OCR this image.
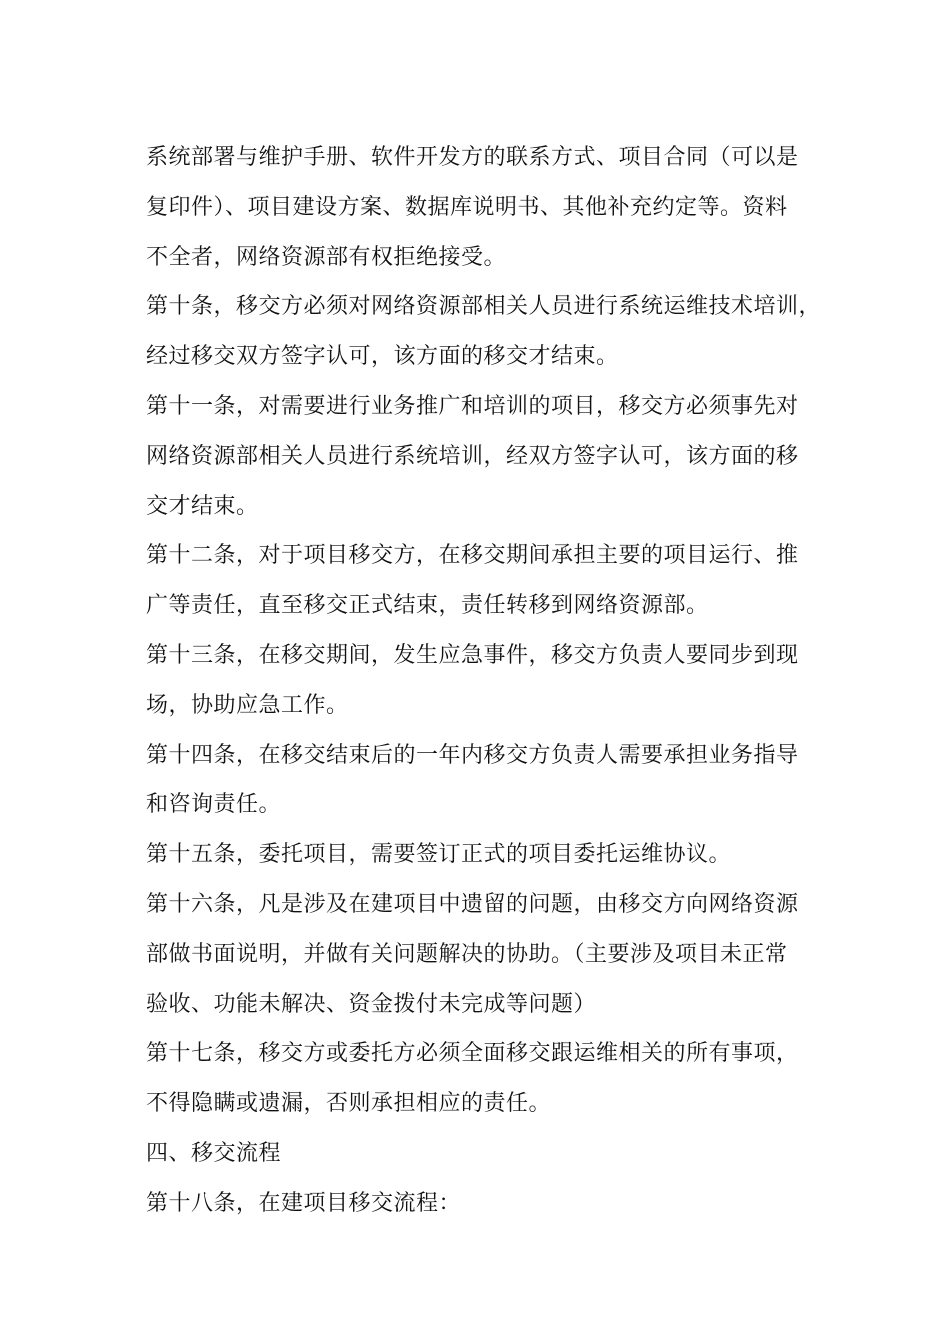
系统部署与维护手册、软件开发方的联系方式、项目合同（可以是
复印件）、项目建设方案、数据库说明书、其他补充约定等。资料
不全者，网络资源部有权拒绝接受。
第十条，移交方必须对网络资源部相关人员进行系统运维技术培训，
经过移交双方签字认可，该方面的移交才结束。
第十一条，对需要进行业务推广和培训的项目，移交方必须事先对
网络资源部相关人员进行系统培训，经双方签字认可，该方面的移
交才结束。
第十二条，对于项目移交方，在移交期间承担主要的项目运行、推
广等责任，直至移交正式结束，责任转移到网络资源部。
第十三条，在移交期间，发生应急事件，移交方负责人要同步到现
场，协助应急工作。
第十四条，在移交结束后的一年内移交方负责人需要承担业务指导
和咨询责任。
第十五条，委托项目，需要签订正式的项目委托运维协议。
第十六条，凡是涉及在建项目中遗留的问题，由移交方向网络资源
部做书面说明，并做有关问题解决的协助。（主要涉及项目未正常
验收、功能未解决、资金拨付未完成等问题）
第十七条，移交方或委托方必须全面移交跟运维相关的所有事项，
不得隐瞒或遗漏，否则承担相应的责任。
四、移交流程
第十八条，在建项目移交流程：
